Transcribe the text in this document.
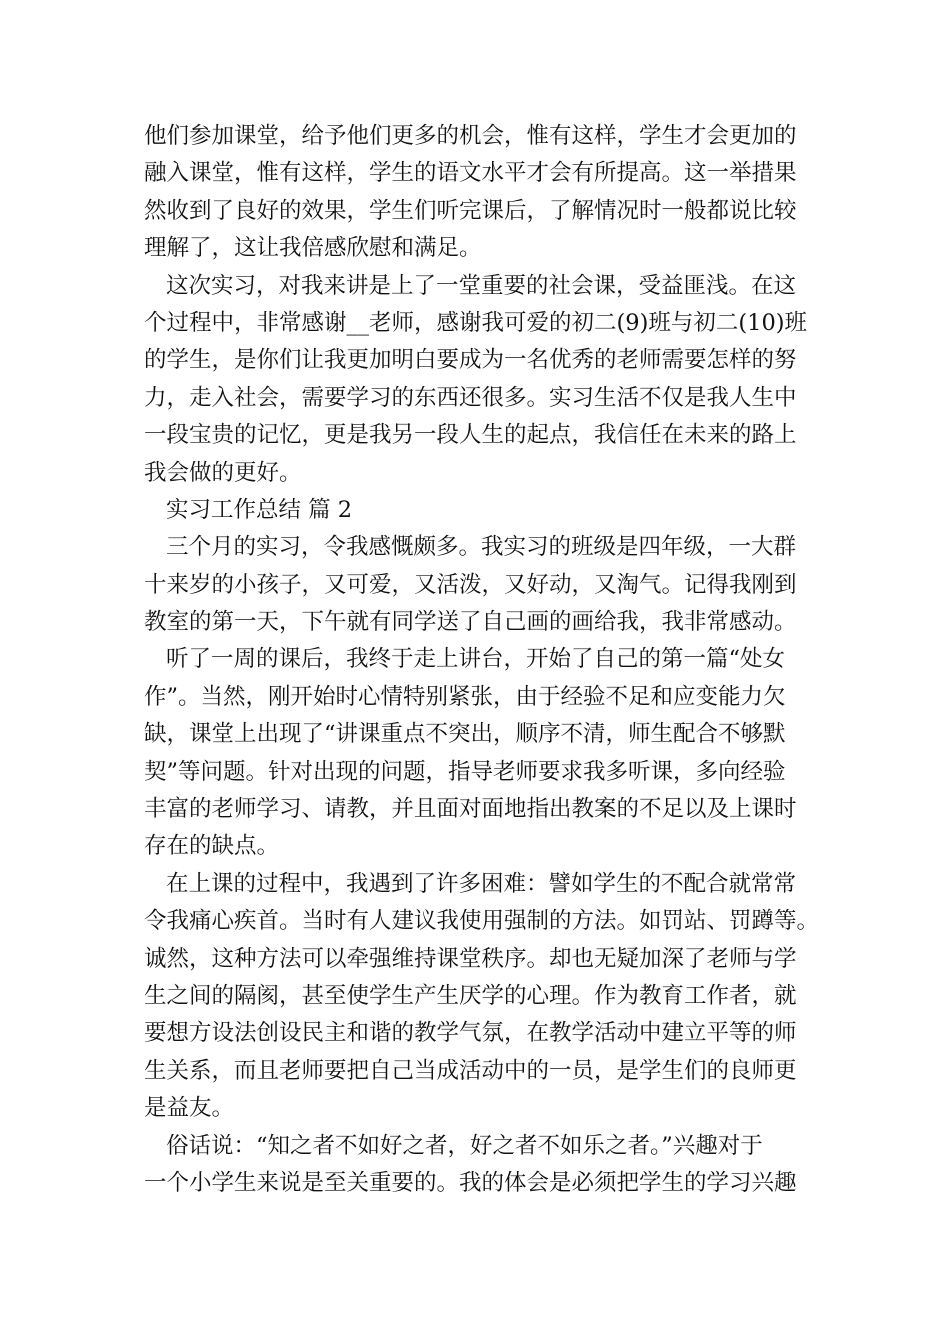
他们参加课堂，给予他们更多的机会，惟有这样，学生才会更加的
融入课堂，惟有这样，学生的语文水平才会有所提高。这一举措果
然收到了良好的效果，学生们听完课后，了解情况时一般都说比较
理解了，这让我倍感欣慰和满足。

这次实习，对我来讲是上了一堂重要的社会课，受益匪浅。在这
个过程中，非常感谢__老师，感谢我可爱的初二(9)班与初二(10)班
的学生，是你们让我更加明白要成为一名优秀的老师需要怎样的努
力，走入社会，需要学习的东西还很多。实习生活不仅是我人生中
一段宝贵的记忆，更是我另一段人生的起点，我信任在未来的路上
我会做的更好。

实习工作总结 篇 2

三个月的实习，令我感慨颇多。我实习的班级是四年级，一大群
十来岁的小孩子，又可爱，又活泼，又好动，又淘气。记得我刚到
教室的第一天，下午就有同学送了自己画的画给我，我非常感动。

听了一周的课后，我终于走上讲台，开始了自己的第一篇“处女
作”。当然，刚开始时心情特别紧张，由于经验不足和应变能力欠
缺，课堂上出现了“讲课重点不突出，顺序不清，师生配合不够默
契”等问题。针对出现的问题，指导老师要求我多听课，多向经验
丰富的老师学习、请教，并且面对面地指出教案的不足以及上课时
存在的缺点。

在上课的过程中，我遇到了许多困难：譬如学生的不配合就常常
令我痛心疾首。当时有人建议我使用强制的方法。如罚站、罚蹲等。
诚然，这种方法可以牵强维持课堂秩序。却也无疑加深了老师与学
生之间的隔阂，甚至使学生产生厌学的心理。作为教育工作者，就
要想方设法创设民主和谐的教学气氛，在教学活动中建立平等的师
生关系，而且老师要把自己当成活动中的一员，是学生们的良师更
是益友。

俗话说：“知之者不如好之者，好之者不如乐之者。”兴趣对于
一个小学生来说是至关重要的。我的体会是必须把学生的学习兴趣
